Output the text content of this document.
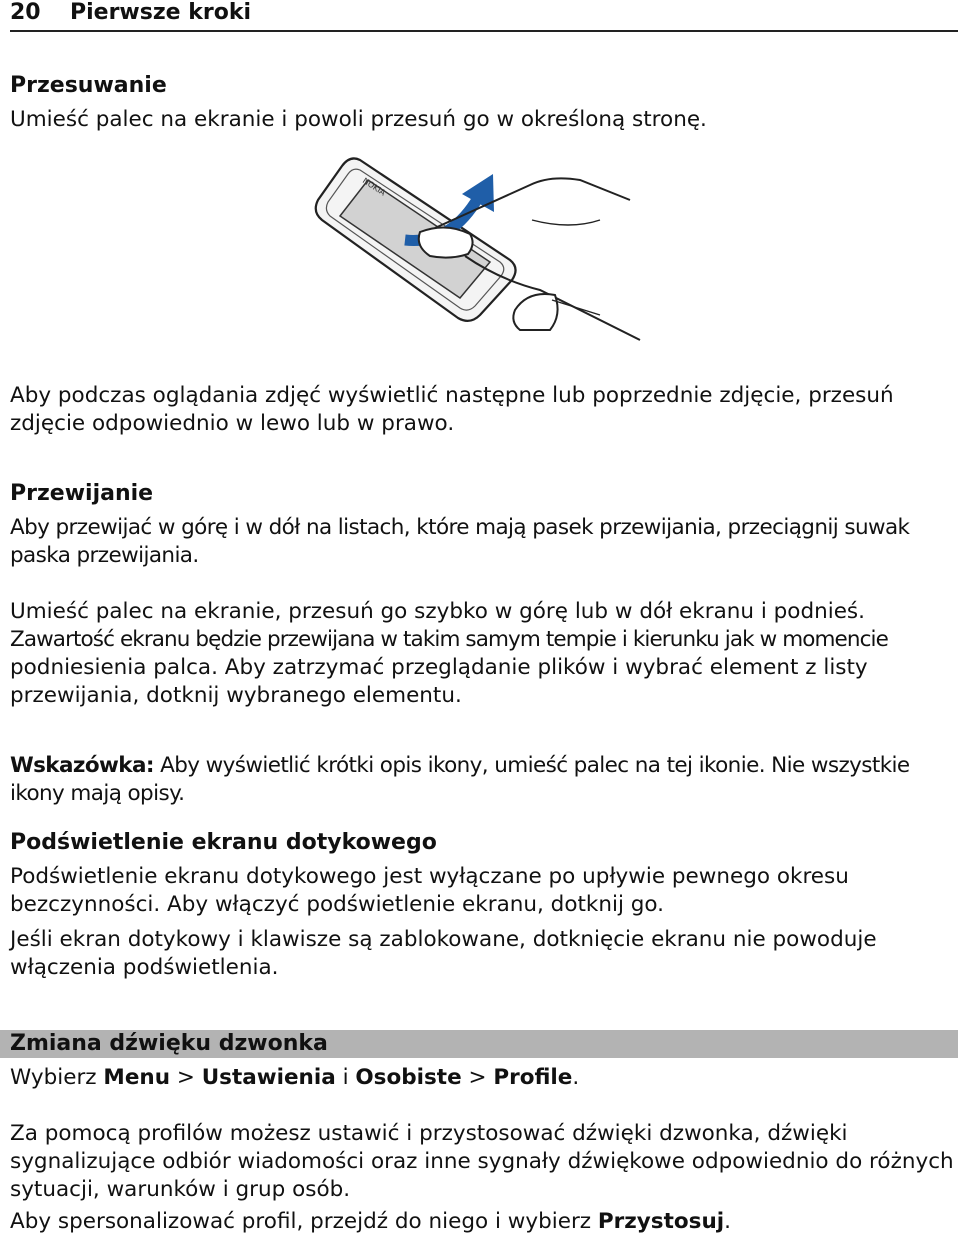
20 Pierwsze kroki
Przesuwanie

Umieść palec na ekranie i powoli przesuń go w określoną stronę.

NOKIA

Aby podczas oglądania zdjęć wyświetlić następne lub poprzednie zdjęcie, przesuń zdjęcie odpowiednio w lewo lub w prawo.

Przewijanie

Aby przewijać w górę i w dół na listach, które mają pasek przewijania, przeciągnij suwak paska przewijania.

Umieść palec na ekranie, przesuń go szybko w górę lub w dół ekranu i podnieś.

Zawartość ekranu będzie przewijana w takim samym tempie i kierunku jak w momencie

podniesienia palca. Aby zatrzymać przeglądanie plików i wybrać element z listy przewijania, dotknij wybranego elementu.

Wskazówka: Aby wyświetlić krótki opis ikony, umieść palec na tej ikonie. Nie wszystkie ikony mają opisy.

Podświetlenie ekranu dotykowego

Podświetlenie ekranu dotykowego jest wyłączane po upływie pewnego okresu bezczynności. Aby włączyć podświetlenie ekranu, dotknij go.

Jeśli ekran dotykowy i klawisze są zablokowane, dotknięcie ekranu nie powoduje włączenia podświetlenia.

Zmiana dźwięku dzwonka

Wybierz Menu > Ustawienia i Osobiste > Profile.

Za pomocą profilów możesz ustawić i przystosować dźwięki dzwonka, dźwięki sygnalizujące odbiór wiadomości oraz inne sygnały dźwiękowe odpowiednio do różnych sytuacji, warunków i grup osób.

Aby spersonalizować profil, przejdź do niego i wybierz Przystosuj.
